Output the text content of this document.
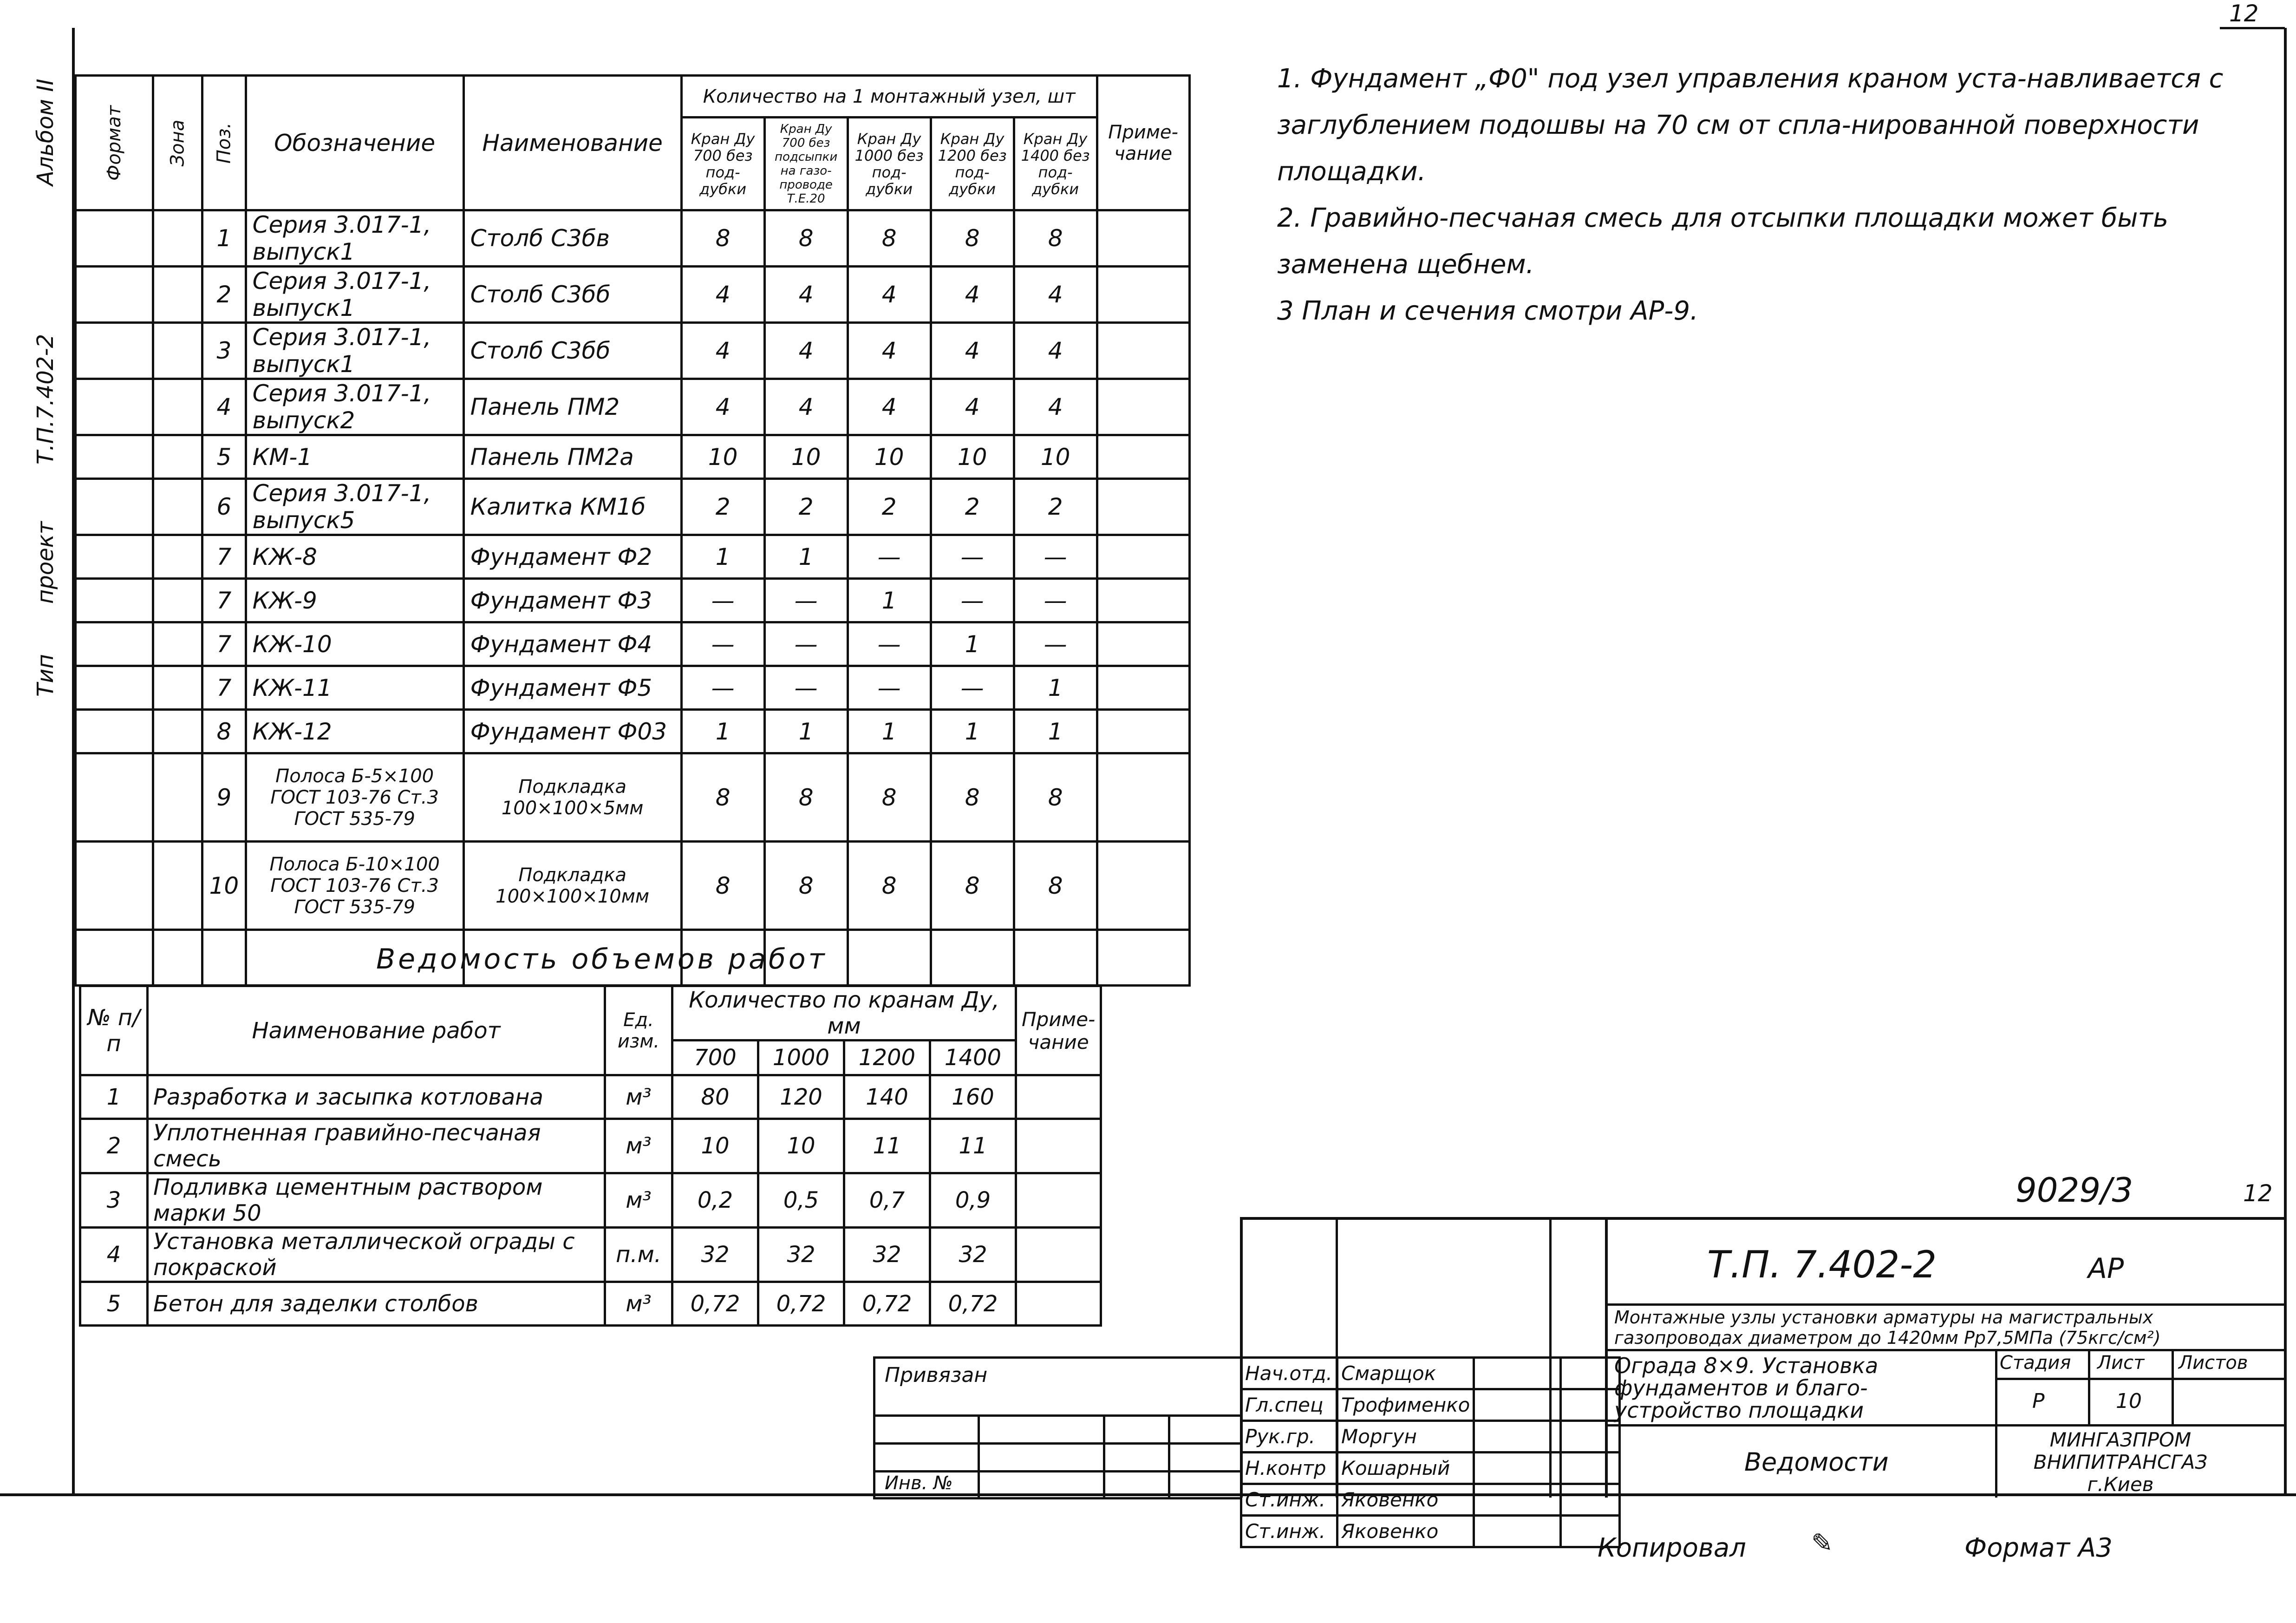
12
Альбом II
Т.П.7.402-2
проект
Тип
Формат	Зона	Поз.	Обозначение	Наименование	Количество на 1 монтажный узел, шт					Приме-чание
					Кран Ду 700 без под-дубки	Кран Ду 700 без подсыпки на газо-проводе Т.Е.20	Кран Ду 1000 без под-дубки	Кран Ду 1200 без под-дубки	Кран Ду 1400 без под-дубки	
		1	Серия 3.017-1, выпуск1	Столб С3бв	8	8	8	8	8	
		2	Серия 3.017-1, выпуск1	Столб С3бб	4	4	4	4	4	
		3	Серия 3.017-1, выпуск1	Столб С3бб	4	4	4	4	4	
		4	Серия 3.017-1, выпуск2	Панель ПМ2	4	4	4	4	4	
		5	КМ-1	Панель ПМ2а	10	10	10	10	10	
		6	Серия 3.017-1, выпуск5	Калитка КМ1б	2	2	2	2	2	
		7	КЖ-8	Фундамент Ф2	1	1	—	—	—	
		7	КЖ-9	Фундамент Ф3	—	—	1	—	—	
		7	КЖ-10	Фундамент Ф4	—	—	—	1	—	
		7	КЖ-11	Фундамент Ф5	—	—	—	—	1	
		8	КЖ-12	Фундамент Ф03	1	1	1	1	1	
		9	Полоса Б-5×100 ГОСТ 103-76 Ст.3 ГОСТ 535-79	Подкладка 100×100×5мм	8	8	8	8	8	
		10	Полоса Б-10×100 ГОСТ 103-76 Ст.3 ГОСТ 535-79	Подкладка 100×100×10мм	8	8	8	8	8	

1. Фундамент „Ф0" под узел управления краном уста-навливается с заглублением подошвы на 70 см от спла-нированной поверхности площадки.
2. Гравийно-песчаная смесь для отсыпки площадки может быть заменена щебнем.
3 План и сечения смотри АР-9.
Ведомость объемов работ
№ п/п	Наименование работ	Ед. изм.	Количество по кранам Ду, мм				Приме-чание
			700	1000	1200	1400	
1	Разработка и засыпка котлована	м³	80	120	140	160	
2	Уплотненная гравийно-песчаная смесь	м³	10	10	11	11	
3	Подливка цементным раствором марки 50	м³	0,2	0,5	0,7	0,9	
4	Установка металлической ограды с покраской	п.м.	32	32	32	32	
5	Бетон для заделки столбов	м³	0,72	0,72	0,72	0,72	
9029/3	12
Т.П. 7.402-2	АР
Монтажные узлы установки арматуры на магистральных газопроводах диаметром до 1420мм Рр7,5МПа (75кгс/см²)
Ограда 8×9. Установка фундаментов и благо-устройство площадки
Стадия Лист Листов
Р	10
Ведомости
МИНГАЗПРОМ ВНИПИТРАНСГАЗ г.Киев
Нач.отд.	Смарщок		
Гл.спец	Трофименко		
Рук.гр.	Моргун		
Н.контр	Кошарный		
Ст.инж.	Яковенко		
Ст.инж.	Яковенко		
Привязан
Инв. №
Копировал	✎	Формат А3
